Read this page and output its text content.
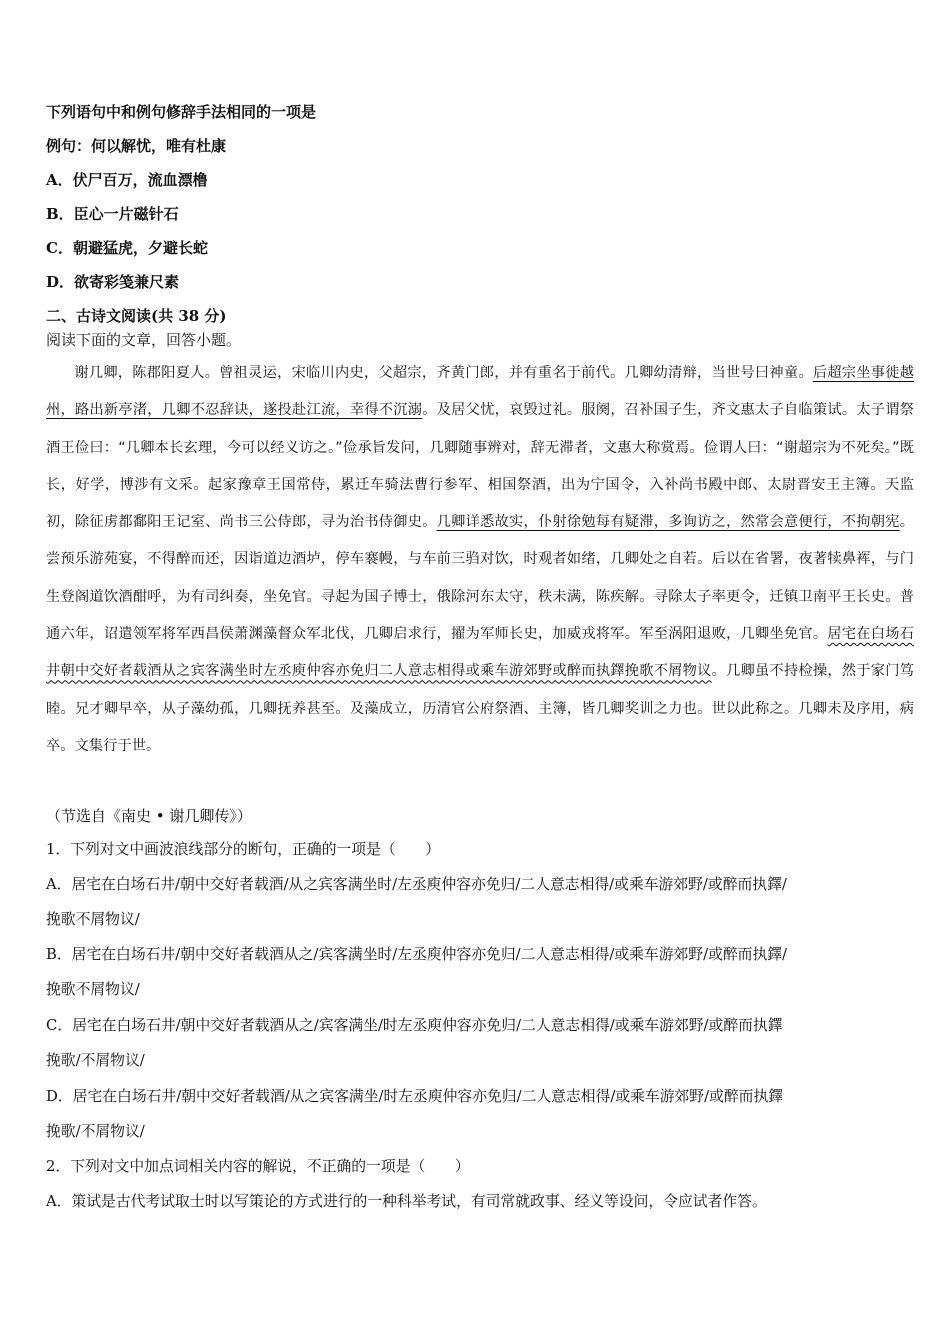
下列语句中和例句修辞手法相同的一项是
例句：何以解忧，唯有杜康
A．伏尸百万，流血漂橹
B．臣心一片磁针石
C．朝避猛虎，夕避长蛇
D．欲寄彩笺兼尺素
二、古诗文阅读(共 38 分)
阅读下面的文章，回答小题。
谢几卿，陈郡阳夏人。曾祖灵运，宋临川内史，父超宗，齐黄门郎，并有重名于前代。几卿幼清辩，当世号曰神童。后超宗坐事徙越州，路出新亭渚，几卿不忍辞诀，遂投赴江流，幸得不沉溺。及居父忧，哀毁过礼。服阕，召补国子生，齐文惠太子自临策试。太子谓祭酒王俭曰：“几卿本长玄理，今可以经义访之。”俭承旨发问，几卿随事辨对，辞无滞者，文惠大称赏焉。俭谓人曰：“谢超宗为不死矣。”既长，好学，博涉有文采。起家豫章王国常侍，累迁车骑法曹行参军、相国祭酒，出为宁国令，入补尚书殿中郎、太尉晋安王主簿。天监初，除征虏都鄱阳王记室、尚书三公侍郎，寻为治书侍御史。几卿详悉故实，仆射徐勉每有疑滞，多询访之，然常会意便行，不拘朝宪。尝预乐游苑宴，不得醉而还，因诣道边酒垆，停车褰幔，与车前三驺对饮，时观者如绪，几卿处之自若。后以在省署，夜著犊鼻裈，与门生登阁道饮酒酣呼，为有司纠奏，坐免官。寻起为国子博士，俄除河东太守，秩未满，陈疾解。寻除太子率更令，迁镇卫南平王长史。普通六年，诏遣领军将军西昌侯萧渊藻督众军北伐，几卿启求行，擢为军师长史，加威戎将军。军至涡阳退败，几卿坐免官。居宅在白场石井朝中交好者载酒从之宾客满坐时左丞庾仲容亦免归二人意志相得或乘车游郊野或醉而执鐸挽歌不屑物议。几卿虽不持检操，然于家门笃睦。兄才卿早卒，从子藻幼孤，几卿抚养甚至。及藻成立，历清官公府祭酒、主簿，皆几卿奖训之力也。世以此称之。几卿未及序用，病卒。文集行于世。
（节选自《南史 • 谢几卿传》）
1．下列对文中画波浪线部分的断句，正确的一项是（　　）
A．居宅在白场石井/朝中交好者载酒/从之宾客满坐时/左丞庾仲容亦免归/二人意志相得/或乘车游郊野/或醉而执鐸/
挽歌不屑物议/
B．居宅在白场石井/朝中交好者载酒从之/宾客满坐时/左丞庾仲容亦免归/二人意志相得/或乘车游郊野/或醉而执鐸/
挽歌不屑物议/
C．居宅在白场石井/朝中交好者载酒从之/宾客满坐/时左丞庾仲容亦免归/二人意志相得/或乘车游郊野/或醉而执鐸
挽歌/不屑物议/
D．居宅在白场石井/朝中交好者载酒/从之宾客满坐/时左丞庾仲容亦免归/二人意志相得/或乘车游郊野/或醉而执鐸
挽歌/不屑物议/
2．下列对文中加点词相关内容的解说，不正确的一项是（　　）
A．策试是古代考试取士时以写策论的方式进行的一种科举考试，有司常就政事、经义等设问，令应试者作答。
